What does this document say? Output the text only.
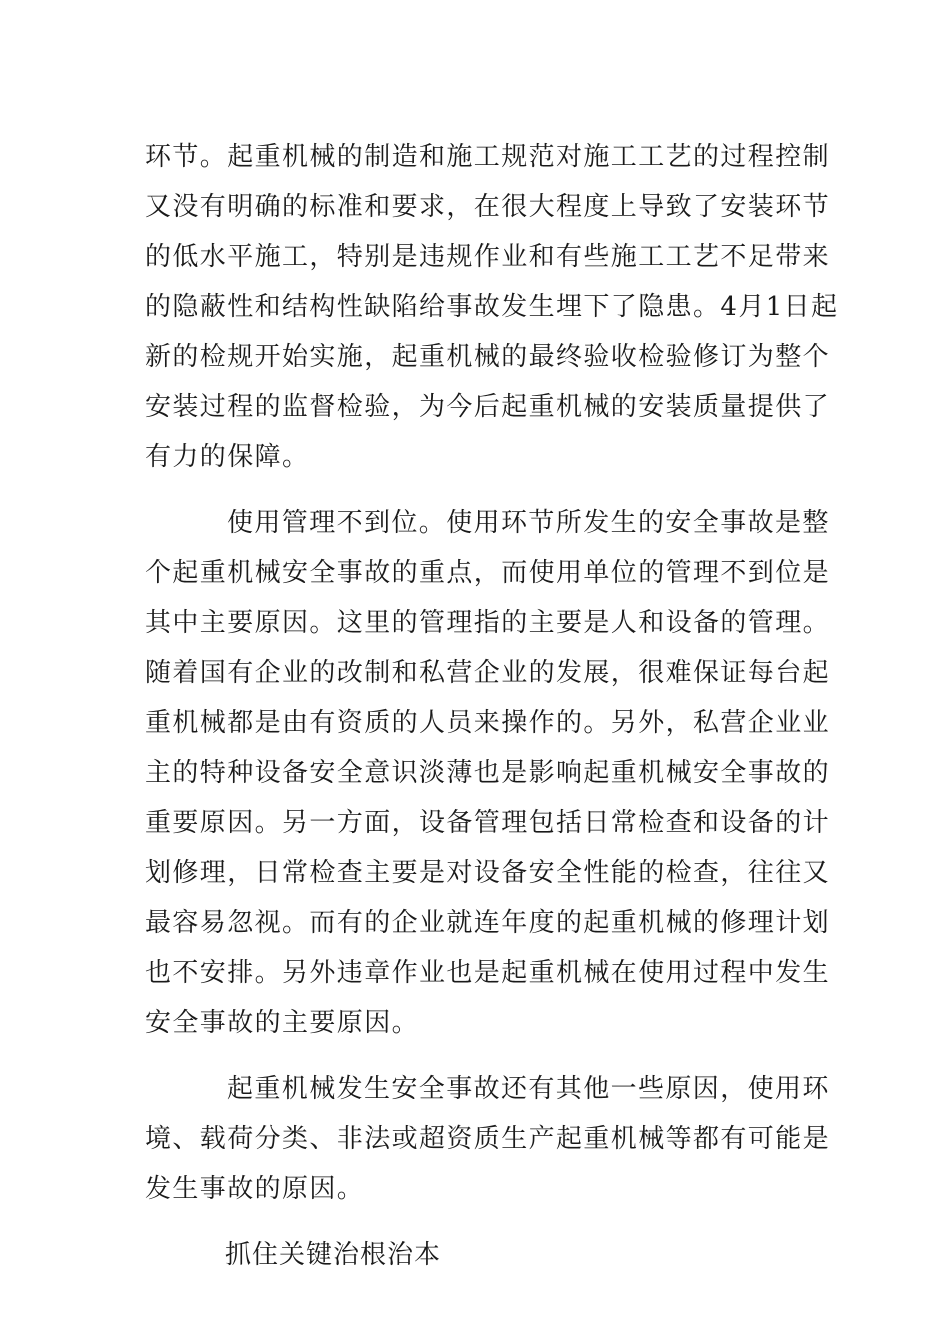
环节。起重机械的制造和施工规范对施工工艺的过程控制
又没有明确的标准和要求，在很大程度上导致了安装环节
的低水平施工，特别是违规作业和有些施工工艺不足带来
的隐蔽性和结构性缺陷给事故发生埋下了隐患。4月1日起
新的检规开始实施，起重机械的最终验收检验修订为整个
安装过程的监督检验，为今后起重机械的安装质量提供了
有力的保障。

使用管理不到位。使用环节所发生的安全事故是整
个起重机械安全事故的重点，而使用单位的管理不到位是
其中主要原因。这里的管理指的主要是人和设备的管理。
随着国有企业的改制和私营企业的发展，很难保证每台起
重机械都是由有资质的人员来操作的。另外，私营企业业
主的特种设备安全意识淡薄也是影响起重机械安全事故的
重要原因。另一方面，设备管理包括日常检查和设备的计
划修理，日常检查主要是对设备安全性能的检查，往往又
最容易忽视。而有的企业就连年度的起重机械的修理计划
也不安排。另外违章作业也是起重机械在使用过程中发生
安全事故的主要原因。

起重机械发生安全事故还有其他一些原因，使用环
境、载荷分类、非法或超资质生产起重机械等都有可能是
发生事故的原因。

抓住关键治根治本
